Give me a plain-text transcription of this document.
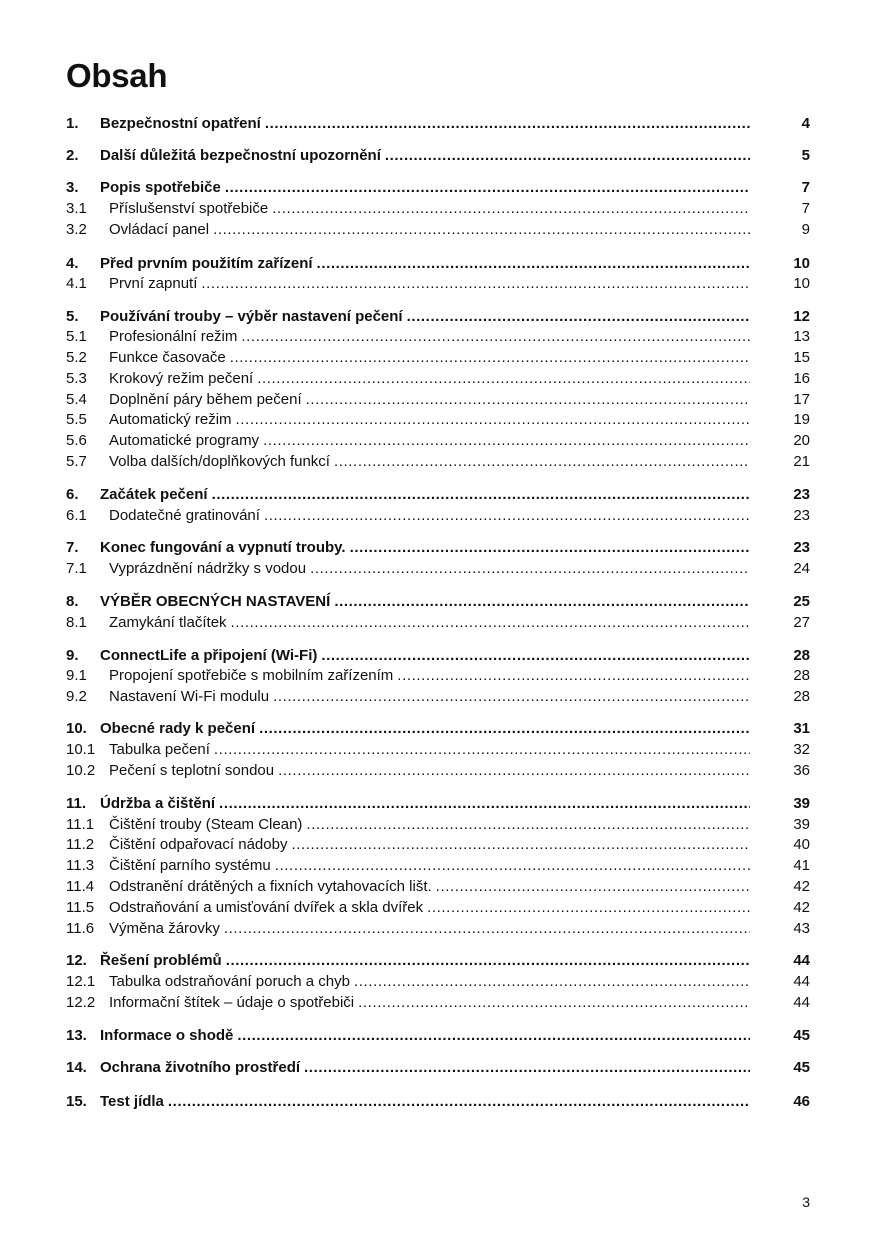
Obsah
1.	Bezpečnostní opatření .....	4
2.	Další důležitá bezpečnostní upozornění .....	5
3.	Popis spotřebiče .....	7
3.1	Příslušenství spotřebiče .....	7
3.2	Ovládací panel .....	9
4.	Před prvním použitím zařízení .....	10
4.1	První zapnutí .....	10
5.	Používání trouby – výběr nastavení pečení .....	12
5.1	Profesionální režim .....	13
5.2	Funkce časovače .....	15
5.3	Krokový režim pečení .....	16
5.4	Doplnění páry během pečení .....	17
5.5	Automatický režim .....	19
5.6	Automatické programy .....	20
5.7	Volba dalších/doplňkových funkcí .....	21
6.	Začátek pečení .....	23
6.1	Dodatečné gratinování .....	23
7.	Konec fungování a vypnutí trouby. .....	23
7.1	Vyprázdnění nádržky s vodou .....	24
8.	VÝBĚR OBECNÝCH NASTAVENÍ .....	25
8.1	Zamykání tlačítek .....	27
9.	ConnectLife a připojení (Wi-Fi) .....	28
9.1	Propojení spotřebiče s mobilním zařízením .....	28
9.2	Nastavení Wi-Fi modulu .....	28
10. Obecné rady k pečení .....	31
10.1 Tabulka pečení .....	32
10.2 Pečení s teplotní sondou .....	36
11. Údržba a čištění .....	39
11.1 Čištění trouby (Steam Clean) .....	39
11.2 Čištění odpařovací nádoby .....	40
11.3 Čištění parního systému .....	41
11.4 Odstranění drátěných a fixních vytahovacích lišt. .....	42
11.5 Odstraňování a umisťování dvířek a skla dvířek .....	42
11.6 Výměna žárovky .....	43
12. Řešení problémů .....	44
12.1 Tabulka odstraňování poruch a chyb .....	44
12.2 Informační štítek – údaje o spotřebiči .....	44
13. Informace o shodě .....	45
14. Ochrana životního prostředí .....	45
15. Test jídla .....	46
3
